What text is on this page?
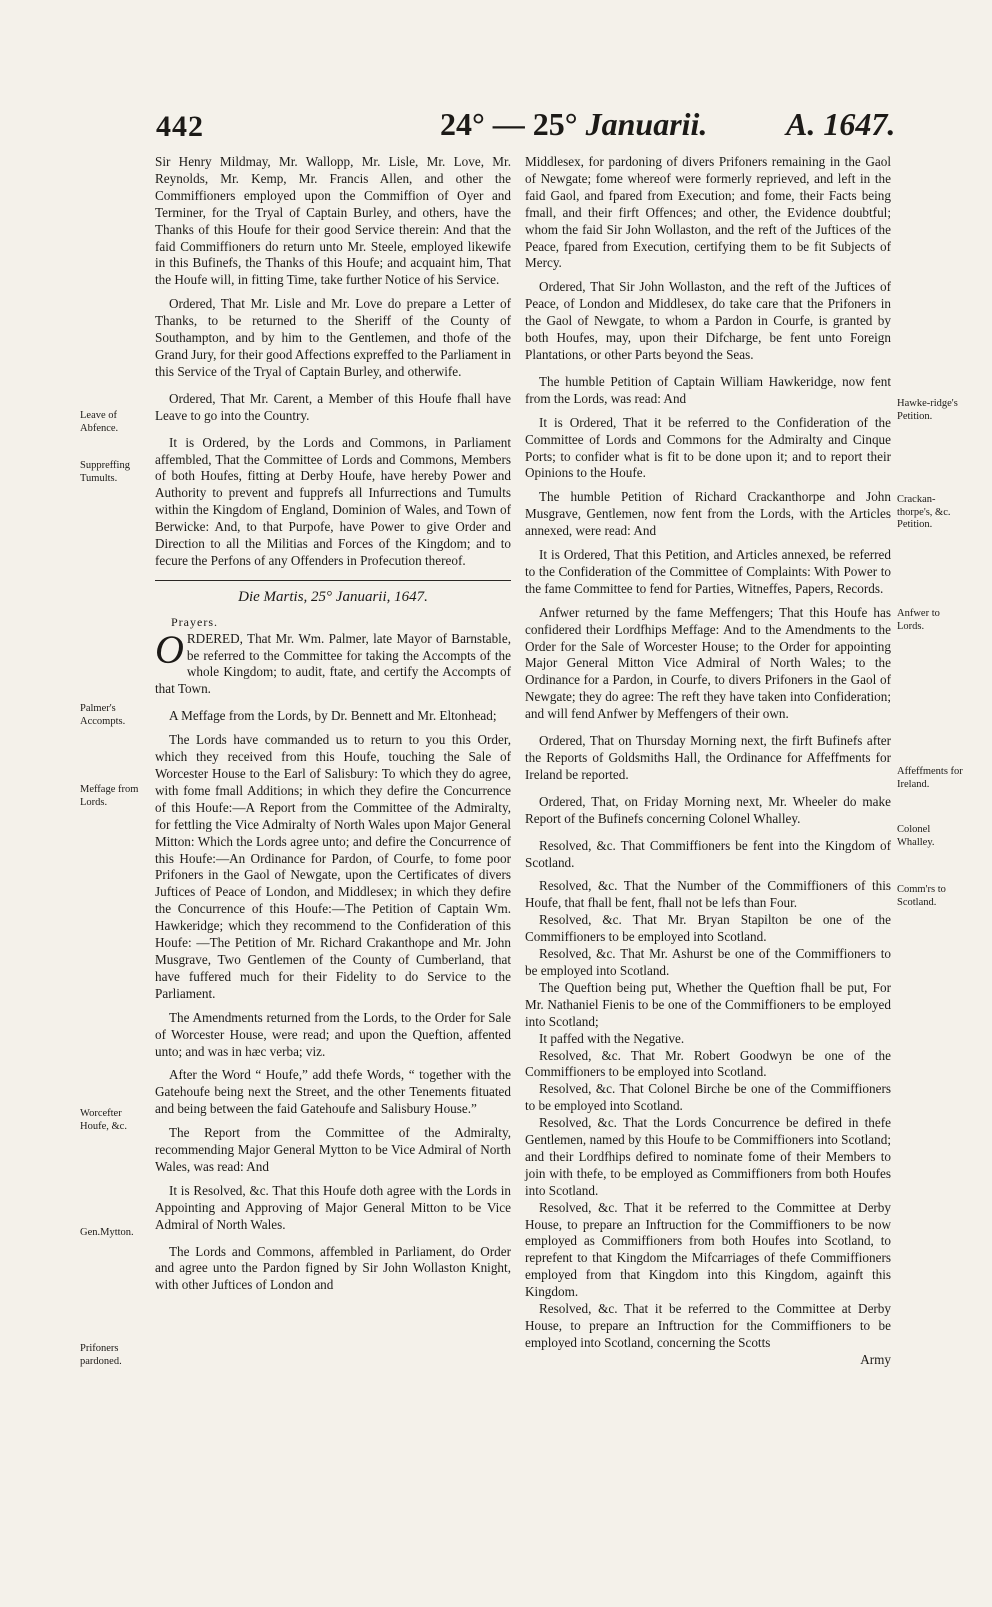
442	24° — 25° Januarii. A. 1647.
Leave of Abfence.
Suppreffing Tumults.
Palmer's Accompts.
Meffage from Lords.
Worcefter Houfe, &c.
Gen.Mytton.
Prifoners pardoned.
Hawke-ridge's Petition.
Crackan-thorpe's, &c. Petition.
Anfwer to Lords.
Affeffments for Ireland.
Colonel Whalley.
Comm'rs to Scotland.

Sir Henry Mildmay, Mr. Wallopp, Mr. Lisle, Mr. Love, Mr. Reynolds, Mr. Kemp, Mr. Francis Allen, and other the Commiffioners employed upon the Commiffion of Oyer and Terminer, for the Tryal of Captain Burley, and others, have the Thanks of this Houfe for their good Service therein: And that the faid Commiffioners do return unto Mr. Steele, employed likewife in this Bufinefs, the Thanks of this Houfe; and acquaint him, That the Houfe will, in fitting Time, take further Notice of his Service.

Ordered, That Mr. Lisle and Mr. Love do prepare a Letter of Thanks, to be returned to the Sheriff of the County of Southampton, and by him to the Gentlemen, and thofe of the Grand Jury, for their good Affections expreffed to the Parliament in this Service of the Tryal of Captain Burley, and otherwife.

Ordered, That Mr. Carent, a Member of this Houfe fhall have Leave to go into the Country.

It is Ordered, by the Lords and Commons, in Parliament affembled, That the Committee of Lords and Commons, Members of both Houfes, fitting at Derby Houfe, have hereby Power and Authority to prevent and fupprefs all Infurrections and Tumults within the Kingdom of England, Dominion of Wales, and Town of Berwicke: And, to that Purpofe, have Power to give Order and Direction to all the Militias and Forces of the Kingdom; and to fecure the Perfons of any Offenders in Profecution thereof.

Die Martis, 25° Januarii, 1647.
Prayers.
O RDERED, That Mr. Wm. Palmer, late Mayor of Barnstable, be referred to the Committee for taking the Accompts of the whole Kingdom; to audit, ftate, and certify the Accompts of that Town.

A Meffage from the Lords, by Dr. Bennett and Mr. Eltonhead;

The Lords have commanded us to return to you this Order, which they received from this Houfe, touching the Sale of Worcester House to the Earl of Salisbury: To which they do agree, with fome fmall Additions; in which they defire the Concurrence of this Houfe:—A Report from the Committee of the Admiralty, for fettling the Vice Admiralty of North Wales upon Major General Mitton: Which the Lords agree unto; and defire the Concurrence of this Houfe:—An Ordinance for Pardon, of Courfe, to fome poor Prifoners in the Gaol of Newgate, upon the Certificates of divers Juftices of Peace of London, and Middlesex; in which they defire the Concurrence of this Houfe:—The Petition of Captain Wm. Hawkeridge; which they recommend to the Confideration of this Houfe: —The Petition of Mr. Richard Crakanthope and Mr. John Musgrave, Two Gentlemen of the County of Cumberland, that have fuffered much for their Fidelity to do Service to the Parliament.

The Amendments returned from the Lords, to the Order for Sale of Worcester House, were read; and upon the Queftion, affented unto; and was in hæc verba; viz.

After the Word “ Houfe,” add thefe Words, “ together with the Gatehoufe being next the Street, and the other Tenements fituated and being between the faid Gatehoufe and Salisbury House.”

The Report from the Committee of the Admiralty, recommending Major General Mytton to be Vice Admiral of North Wales, was read: And

It is Resolved, &c. That this Houfe doth agree with the Lords in Appointing and Approving of Major General Mitton to be Vice Admiral of North Wales.

The Lords and Commons, affembled in Parliament, do Order and agree unto the Pardon figned by Sir John Wollaston Knight, with other Juftices of London and

Middlesex, for pardoning of divers Prifoners remaining in the Gaol of Newgate; fome whereof were formerly reprieved, and left in the faid Gaol, and fpared from Execution; and fome, their Facts being fmall, and their firft Offences; and other, the Evidence doubtful; whom the faid Sir John Wollaston, and the reft of the Juftices of the Peace, fpared from Execution, certifying them to be fit Subjects of Mercy.

Ordered, That Sir John Wollaston, and the reft of the Juftices of Peace, of London and Middlesex, do take care that the Prifoners in the Gaol of Newgate, to whom a Pardon in Courfe, is granted by both Houfes, may, upon their Difcharge, be fent unto Foreign Plantations, or other Parts beyond the Seas.

The humble Petition of Captain William Hawkeridge, now fent from the Lords, was read: And

It is Ordered, That it be referred to the Confideration of the Committee of Lords and Commons for the Admiralty and Cinque Ports; to confider what is fit to be done upon it; and to report their Opinions to the Houfe.

The humble Petition of Richard Crackanthorpe and John Musgrave, Gentlemen, now fent from the Lords, with the Articles annexed, were read: And

It is Ordered, That this Petition, and Articles annexed, be referred to the Confideration of the Committee of Complaints: With Power to the fame Committee to fend for Parties, Witneffes, Papers, Records.

Anfwer returned by the fame Meffengers; That this Houfe has confidered their Lordfhips Meffage: And to the Amendments to the Order for the Sale of Worcester House; to the Order for appointing Major General Mitton Vice Admiral of North Wales; to the Ordinance for a Pardon, in Courfe, to divers Prifoners in the Gaol of Newgate; they do agree: The reft they have taken into Confideration; and will fend Anfwer by Meffengers of their own.

Ordered, That on Thursday Morning next, the firft Bufinefs after the Reports of Goldsmiths Hall, the Ordinance for Affeffments for Ireland be reported.

Ordered, That, on Friday Morning next, Mr. Wheeler do make Report of the Bufinefs concerning Colonel Whalley.

Resolved, &c. That Commiffioners be fent into the Kingdom of Scotland.

Resolved, &c. That the Number of the Commiffioners of this Houfe, that fhall be fent, fhall not be lefs than Four.

Resolved, &c. That Mr. Bryan Stapilton be one of the Commiffioners to be employed into Scotland.

Resolved, &c. That Mr. Ashurst be one of the Commiffioners to be employed into Scotland.

The Queftion being put, Whether the Queftion fhall be put, For Mr. Nathaniel Fienis to be one of the Commiffioners to be employed into Scotland;

It paffed with the Negative.

Resolved, &c. That Mr. Robert Goodwyn be one of the Commiffioners to be employed into Scotland.

Resolved, &c. That Colonel Birche be one of the Commiffioners to be employed into Scotland.

Resolved, &c. That the Lords Concurrence be defired in thefe Gentlemen, named by this Houfe to be Commiffioners into Scotland; and their Lordfhips defired to nominate fome of their Members to join with thefe, to be employed as Commiffioners from both Houfes into Scotland.

Resolved, &c. That it be referred to the Committee at Derby House, to prepare an Inftruction for the Commiffioners to be now employed as Commiffioners from both Houfes into Scotland, to reprefent to that Kingdom the Mifcarriages of thefe Commiffioners employed from that Kingdom into this Kingdom, againft this Kingdom.

Resolved, &c. That it be referred to the Committee at Derby House, to prepare an Inftruction for the Commiffioners to be employed into Scotland, concerning the Scotts

Army
